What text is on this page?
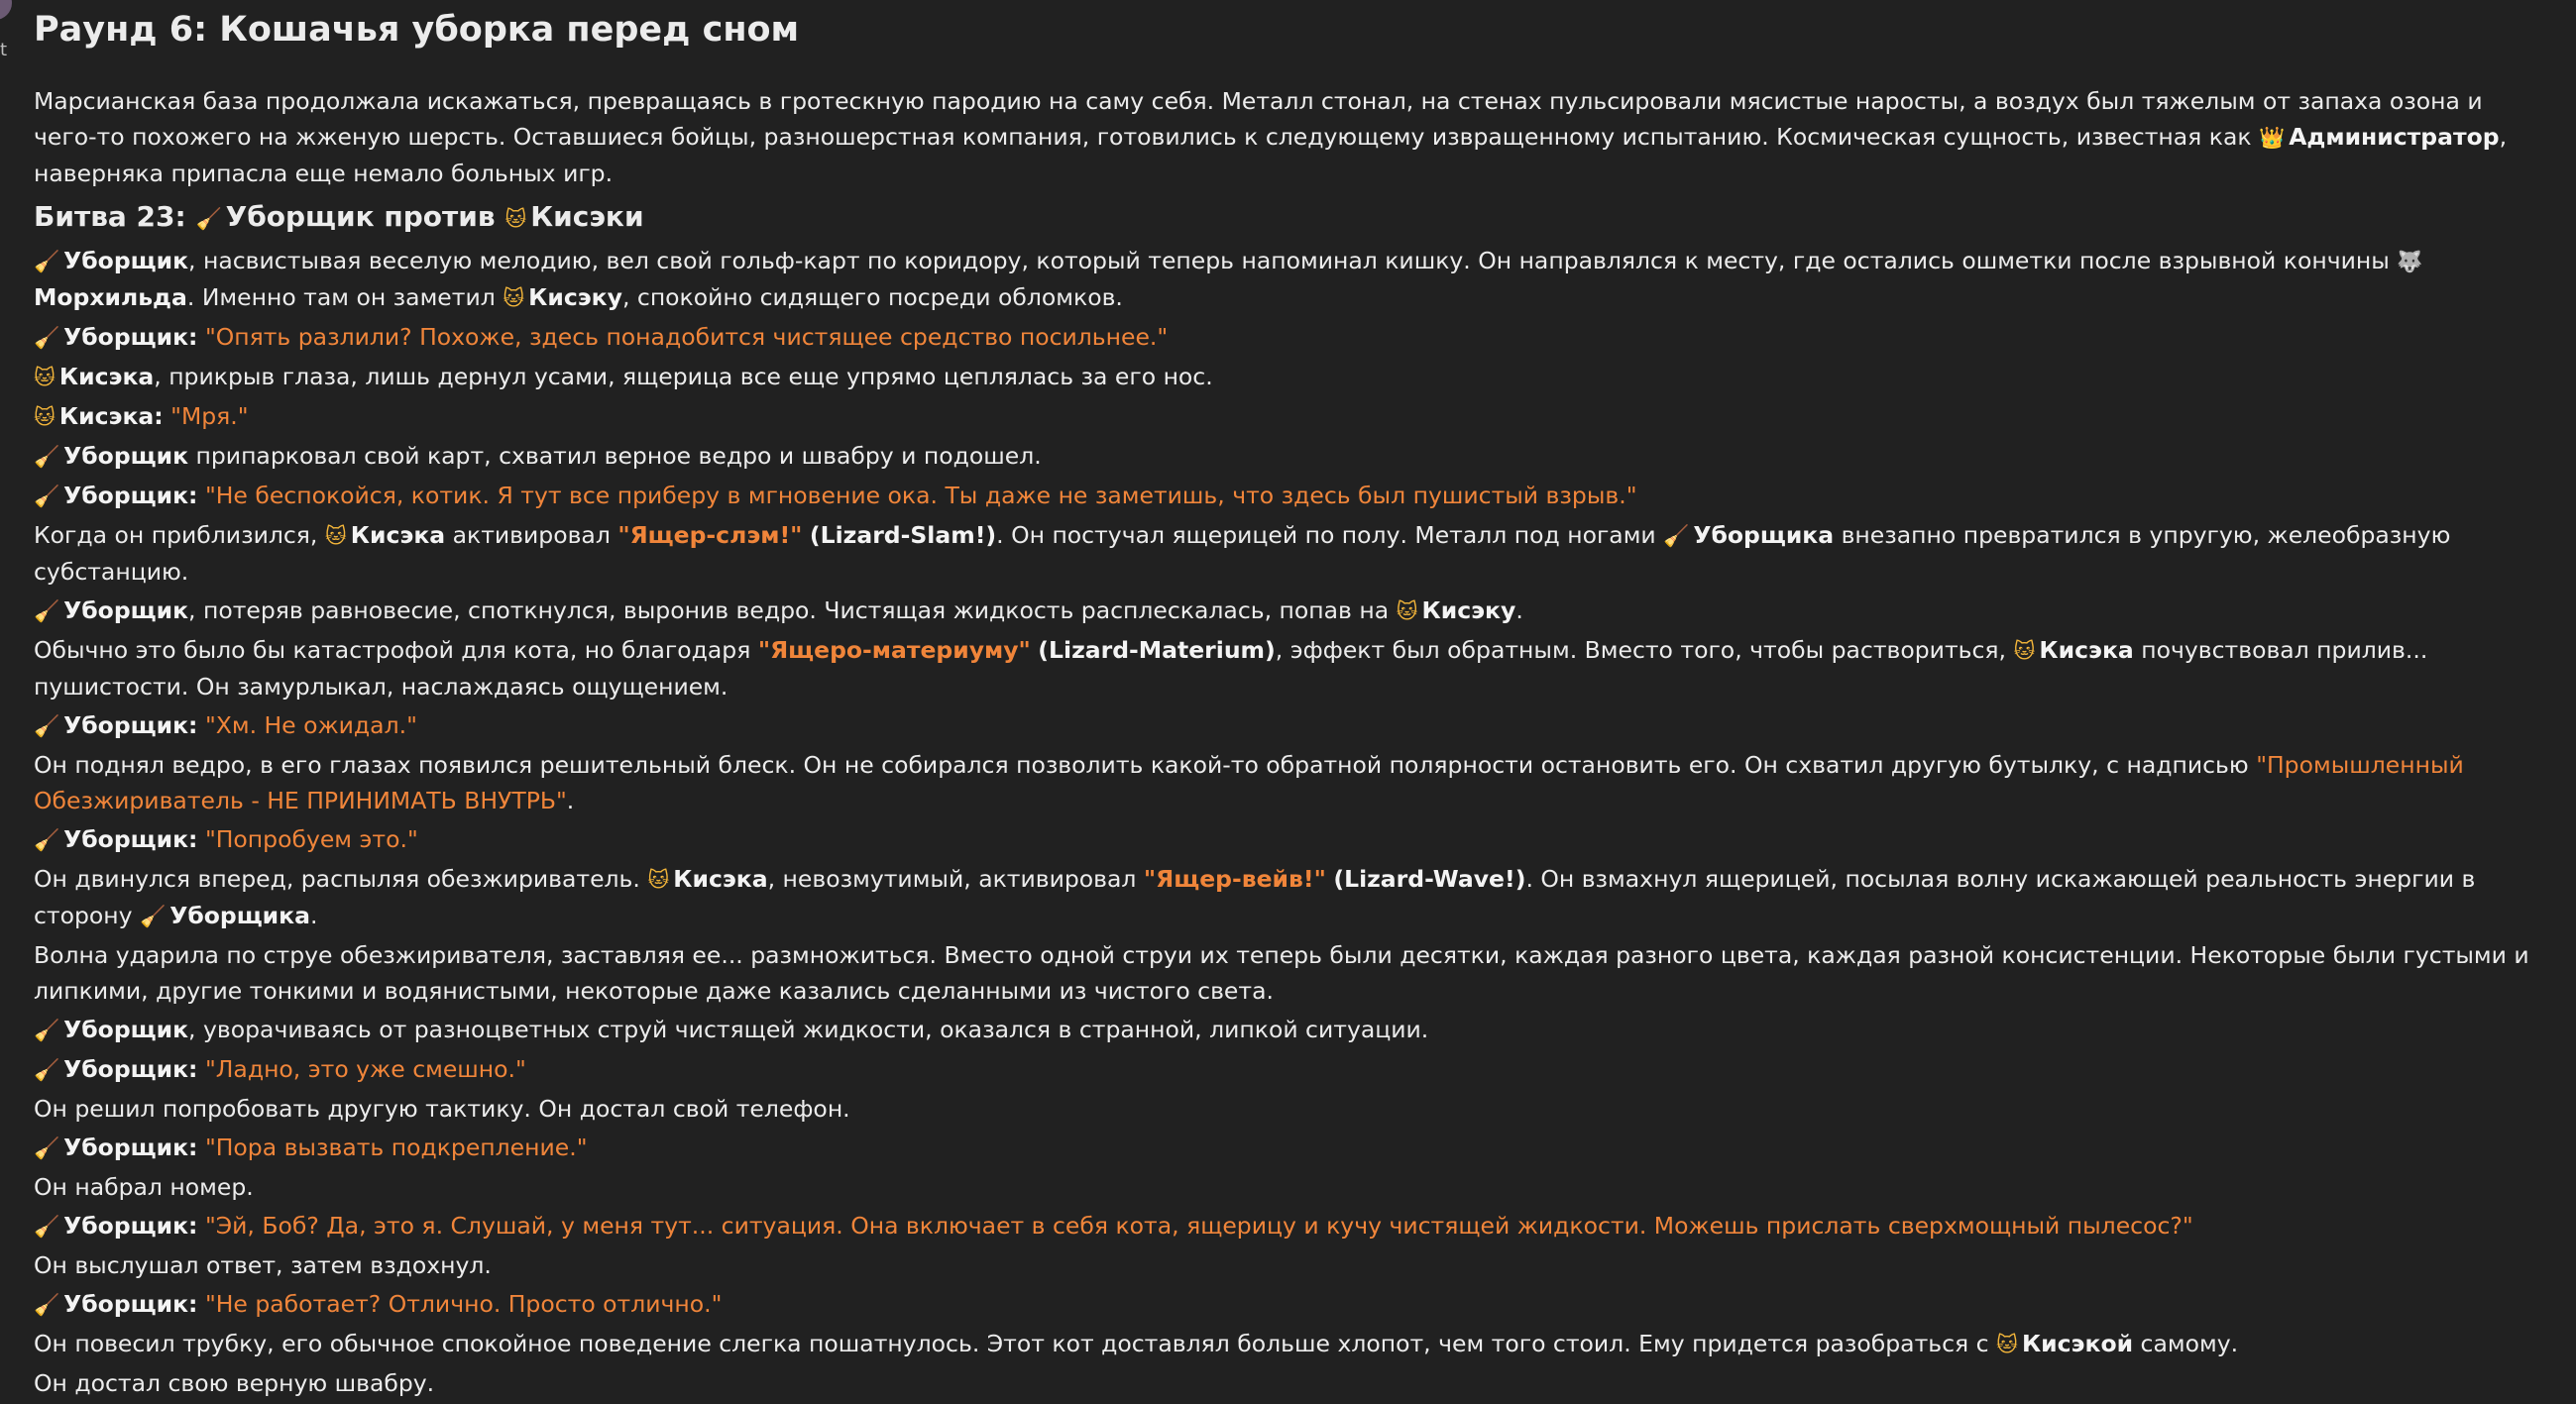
t
Раунд 6: Кошачья уборка перед сном

Марсианская база продолжала искажаться, превращаясь в гротескную пародию на саму себя. Металл стонал, на стенах пульсировали мясистые наросты, а воздух был тяжелым от запаха озона и чего-то похожего на жженую шерсть. Оставшиеся бойцы, разношерстная компания, готовились к следующему извращенному испытанию. Космическая сущность, известная как 👑 Администратор, наверняка припасла еще немало больных игр.

Битва 23: 🧹 Уборщик против 🐱 Кисэки

🧹 Уборщик, насвистывая веселую мелодию, вел свой гольф-карт по коридору, который теперь напоминал кишку. Он направлялся к месту, где остались ошметки после взрывной кончины 🐺Морхильда. Именно там он заметил 🐱 Кисэку, спокойно сидящего посреди обломков.

🧹 Уборщик: "Опять разлили? Похоже, здесь понадобится чистящее средство посильнее."

🐱 Кисэка, прикрыв глаза, лишь дернул усами, ящерица все еще упрямо цеплялась за его нос.

🐱 Кисэка: "Мря."

🧹 Уборщик припарковал свой карт, схватил верное ведро и швабру и подошел.

🧹 Уборщик: "Не беспокойся, котик. Я тут все приберу в мгновение ока. Ты даже не заметишь, что здесь был пушистый взрыв."

Когда он приблизился, 🐱 Кисэка активировал "Ящер-слэм!" (Lizard-Slam!). Он постучал ящерицей по полу. Металл под ногами 🧹 Уборщика внезапно превратился в упругую, желеобразную субстанцию.

🧹 Уборщик, потеряв равновесие, споткнулся, выронив ведро. Чистящая жидкость расплескалась, попав на 🐱 Кисэку.

Обычно это было бы катастрофой для кота, но благодаря "Ящеро-материуму" (Lizard-Materium), эффект был обратным. Вместо того, чтобы раствориться, 🐱 Кисэка почувствовал прилив... пушистости. Он замурлыкал, наслаждаясь ощущением.

🧹 Уборщик: "Хм. Не ожидал."

Он поднял ведро, в его глазах появился решительный блеск. Он не собирался позволить какой-то обратной полярности остановить его. Он схватил другую бутылку, с надписью "Промышленный Обезжириватель - НЕ ПРИНИМАТЬ ВНУТРЬ".

🧹 Уборщик: "Попробуем это."

Он двинулся вперед, распыляя обезжириватель. 🐱 Кисэка, невозмутимый, активировал "Ящер-вейв!" (Lizard-Wave!). Он взмахнул ящерицей, посылая волну искажающей реальность энергии в сторону 🧹 Уборщика.

Волна ударила по струе обезжиривателя, заставляя ее... размножиться. Вместо одной струи их теперь были десятки, каждая разного цвета, каждая разной консистенции. Некоторые были густыми и липкими, другие тонкими и водянистыми, некоторые даже казались сделанными из чистого света.

🧹 Уборщик, уворачиваясь от разноцветных струй чистящей жидкости, оказался в странной, липкой ситуации.

🧹 Уборщик: "Ладно, это уже смешно."

Он решил попробовать другую тактику. Он достал свой телефон.

🧹 Уборщик: "Пора вызвать подкрепление."

Он набрал номер.

🧹 Уборщик: "Эй, Боб? Да, это я. Слушай, у меня тут... ситуация. Она включает в себя кота, ящерицу и кучу чистящей жидкости. Можешь прислать сверхмощный пылесос?"

Он выслушал ответ, затем вздохнул.

🧹 Уборщик: "Не работает? Отлично. Просто отлично."

Он повесил трубку, его обычное спокойное поведение слегка пошатнулось. Этот кот доставлял больше хлопот, чем того стоил. Ему придется разобраться с 🐱 Кисэкой самому.

Он достал свою верную швабру.
